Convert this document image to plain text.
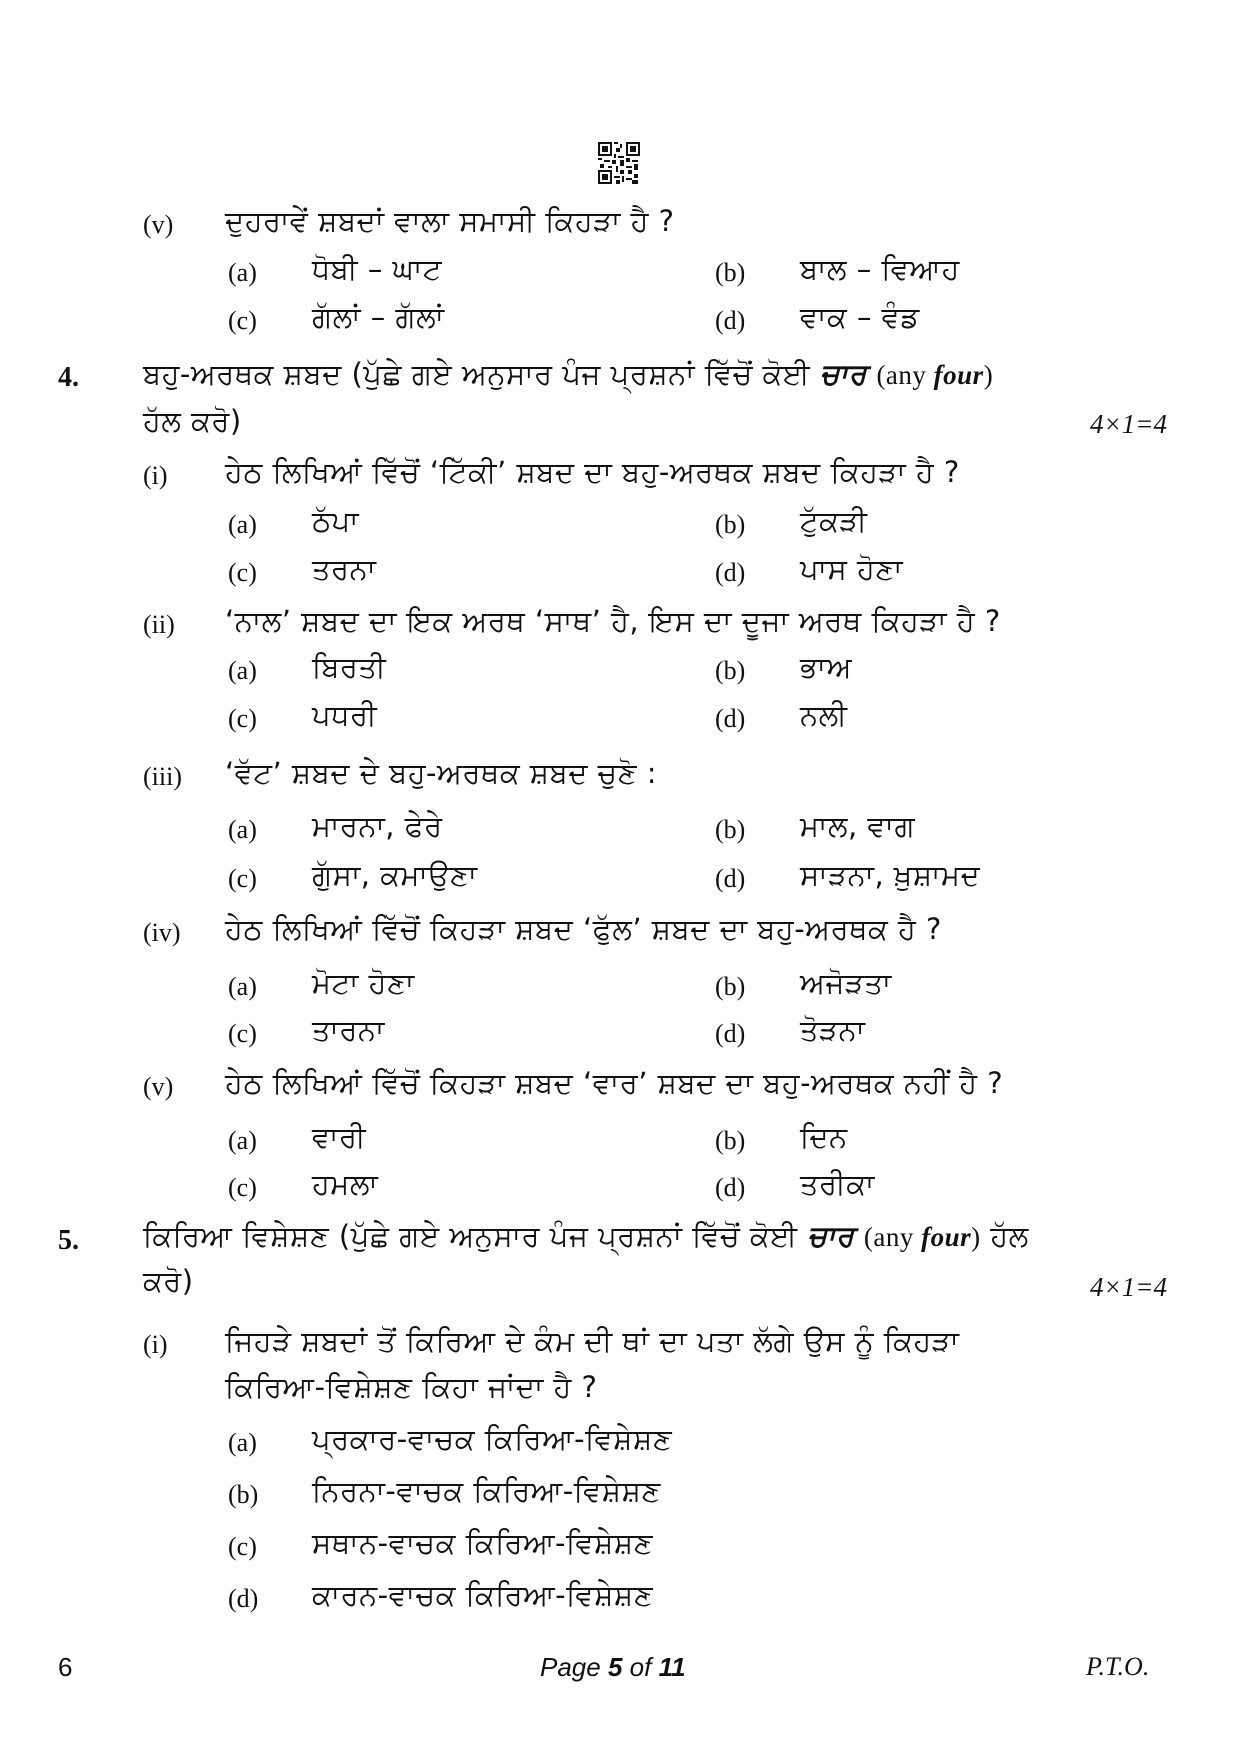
(v) ਦੁਹਰਾਵੇਂ ਸ਼ਬਦਾਂ ਵਾਲਾ ਸਮਾਸੀ ਕਿਹੜਾ ਹੈ ?
(a) ਧੋਬੀ – ਘਾਟ	(b) ਬਾਲ – ਵਿਆਹ
(c) ਗੱਲਾਂ – ਗੱਲਾਂ	(d) ਵਾਕ – ਵੰਡ
4. ਬਹੁ-ਅਰਥਕ ਸ਼ਬਦ (ਪੁੱਛੇ ਗਏ ਅਨੁਸਾਰ ਪੰਜ ਪ੍ਰਸ਼ਨਾਂ ਵਿੱਚੋਂ ਕੋਈ ਚਾਰ (any four)
ਹੱਲ ਕਰੋ)	4×1=4
(i) ਹੇਠ ਲਿਖਿਆਂ ਵਿੱਚੋਂ ‘ਟਿੱਕੀ’ ਸ਼ਬਦ ਦਾ ਬਹੁ-ਅਰਥਕ ਸ਼ਬਦ ਕਿਹੜਾ ਹੈ ?
(a) ਠੱਪਾ	(b) ਟੁੱਕੜੀ
(c) ਤਰਨਾ	(d) ਪਾਸ ਹੋਣਾ
(ii) ‘ਨਾਲ’ ਸ਼ਬਦ ਦਾ ਇਕ ਅਰਥ ‘ਸਾਥ’ ਹੈ, ਇਸ ਦਾ ਦੂਜਾ ਅਰਥ ਕਿਹੜਾ ਹੈ ?
(a) ਬਿਰਤੀ	(b) ਭਾਅ
(c) ਪਧਰੀ	(d) ਨਲੀ
(iii) ‘ਵੱਟ’ ਸ਼ਬਦ ਦੇ ਬਹੁ-ਅਰਥਕ ਸ਼ਬਦ ਚੁਣੋ :
(a) ਮਾਰਨਾ, ਫੇਰੇ	(b) ਮਾਲ, ਵਾਗ
(c) ਗੁੱਸਾ, ਕਮਾਉਣਾ	(d) ਸਾੜਨਾ, ਖ਼ੁਸ਼ਾਮਦ
(iv) ਹੇਠ ਲਿਖਿਆਂ ਵਿੱਚੋਂ ਕਿਹੜਾ ਸ਼ਬਦ ‘ਫੁੱਲ’ ਸ਼ਬਦ ਦਾ ਬਹੁ-ਅਰਥਕ ਹੈ ?
(a) ਮੋਟਾ ਹੋਣਾ	(b) ਅਜੋੜਤਾ
(c) ਤਾਰਨਾ	(d) ਤੋੜਨਾ
(v) ਹੇਠ ਲਿਖਿਆਂ ਵਿੱਚੋਂ ਕਿਹੜਾ ਸ਼ਬਦ ‘ਵਾਰ’ ਸ਼ਬਦ ਦਾ ਬਹੁ-ਅਰਥਕ ਨਹੀਂ ਹੈ ?
(a) ਵਾਰੀ	(b) ਦਿਨ
(c) ਹਮਲਾ	(d) ਤਰੀਕਾ
5. ਕਿਰਿਆ ਵਿਸ਼ੇਸ਼ਣ (ਪੁੱਛੇ ਗਏ ਅਨੁਸਾਰ ਪੰਜ ਪ੍ਰਸ਼ਨਾਂ ਵਿੱਚੋਂ ਕੋਈ ਚਾਰ (any four) ਹੱਲ
ਕਰੋ)	4×1=4
(i) ਜਿਹੜੇ ਸ਼ਬਦਾਂ ਤੋਂ ਕਿਰਿਆ ਦੇ ਕੰਮ ਦੀ ਥਾਂ ਦਾ ਪਤਾ ਲੱਗੇ ਉਸ ਨੂੰ ਕਿਹੜਾ
ਕਿਰਿਆ-ਵਿਸ਼ੇਸ਼ਣ ਕਿਹਾ ਜਾਂਦਾ ਹੈ ?
(a) ਪ੍ਰਕਾਰ-ਵਾਚਕ ਕਿਰਿਆ-ਵਿਸ਼ੇਸ਼ਣ
(b) ਨਿਰਨਾ-ਵਾਚਕ ਕਿਰਿਆ-ਵਿਸ਼ੇਸ਼ਣ
(c) ਸਥਾਨ-ਵਾਚਕ ਕਿਰਿਆ-ਵਿਸ਼ੇਸ਼ਣ
(d) ਕਾਰਨ-ਵਾਚਕ ਕਿਰਿਆ-ਵਿਸ਼ੇਸ਼ਣ
6	Page 5 of 11	P.T.O.
